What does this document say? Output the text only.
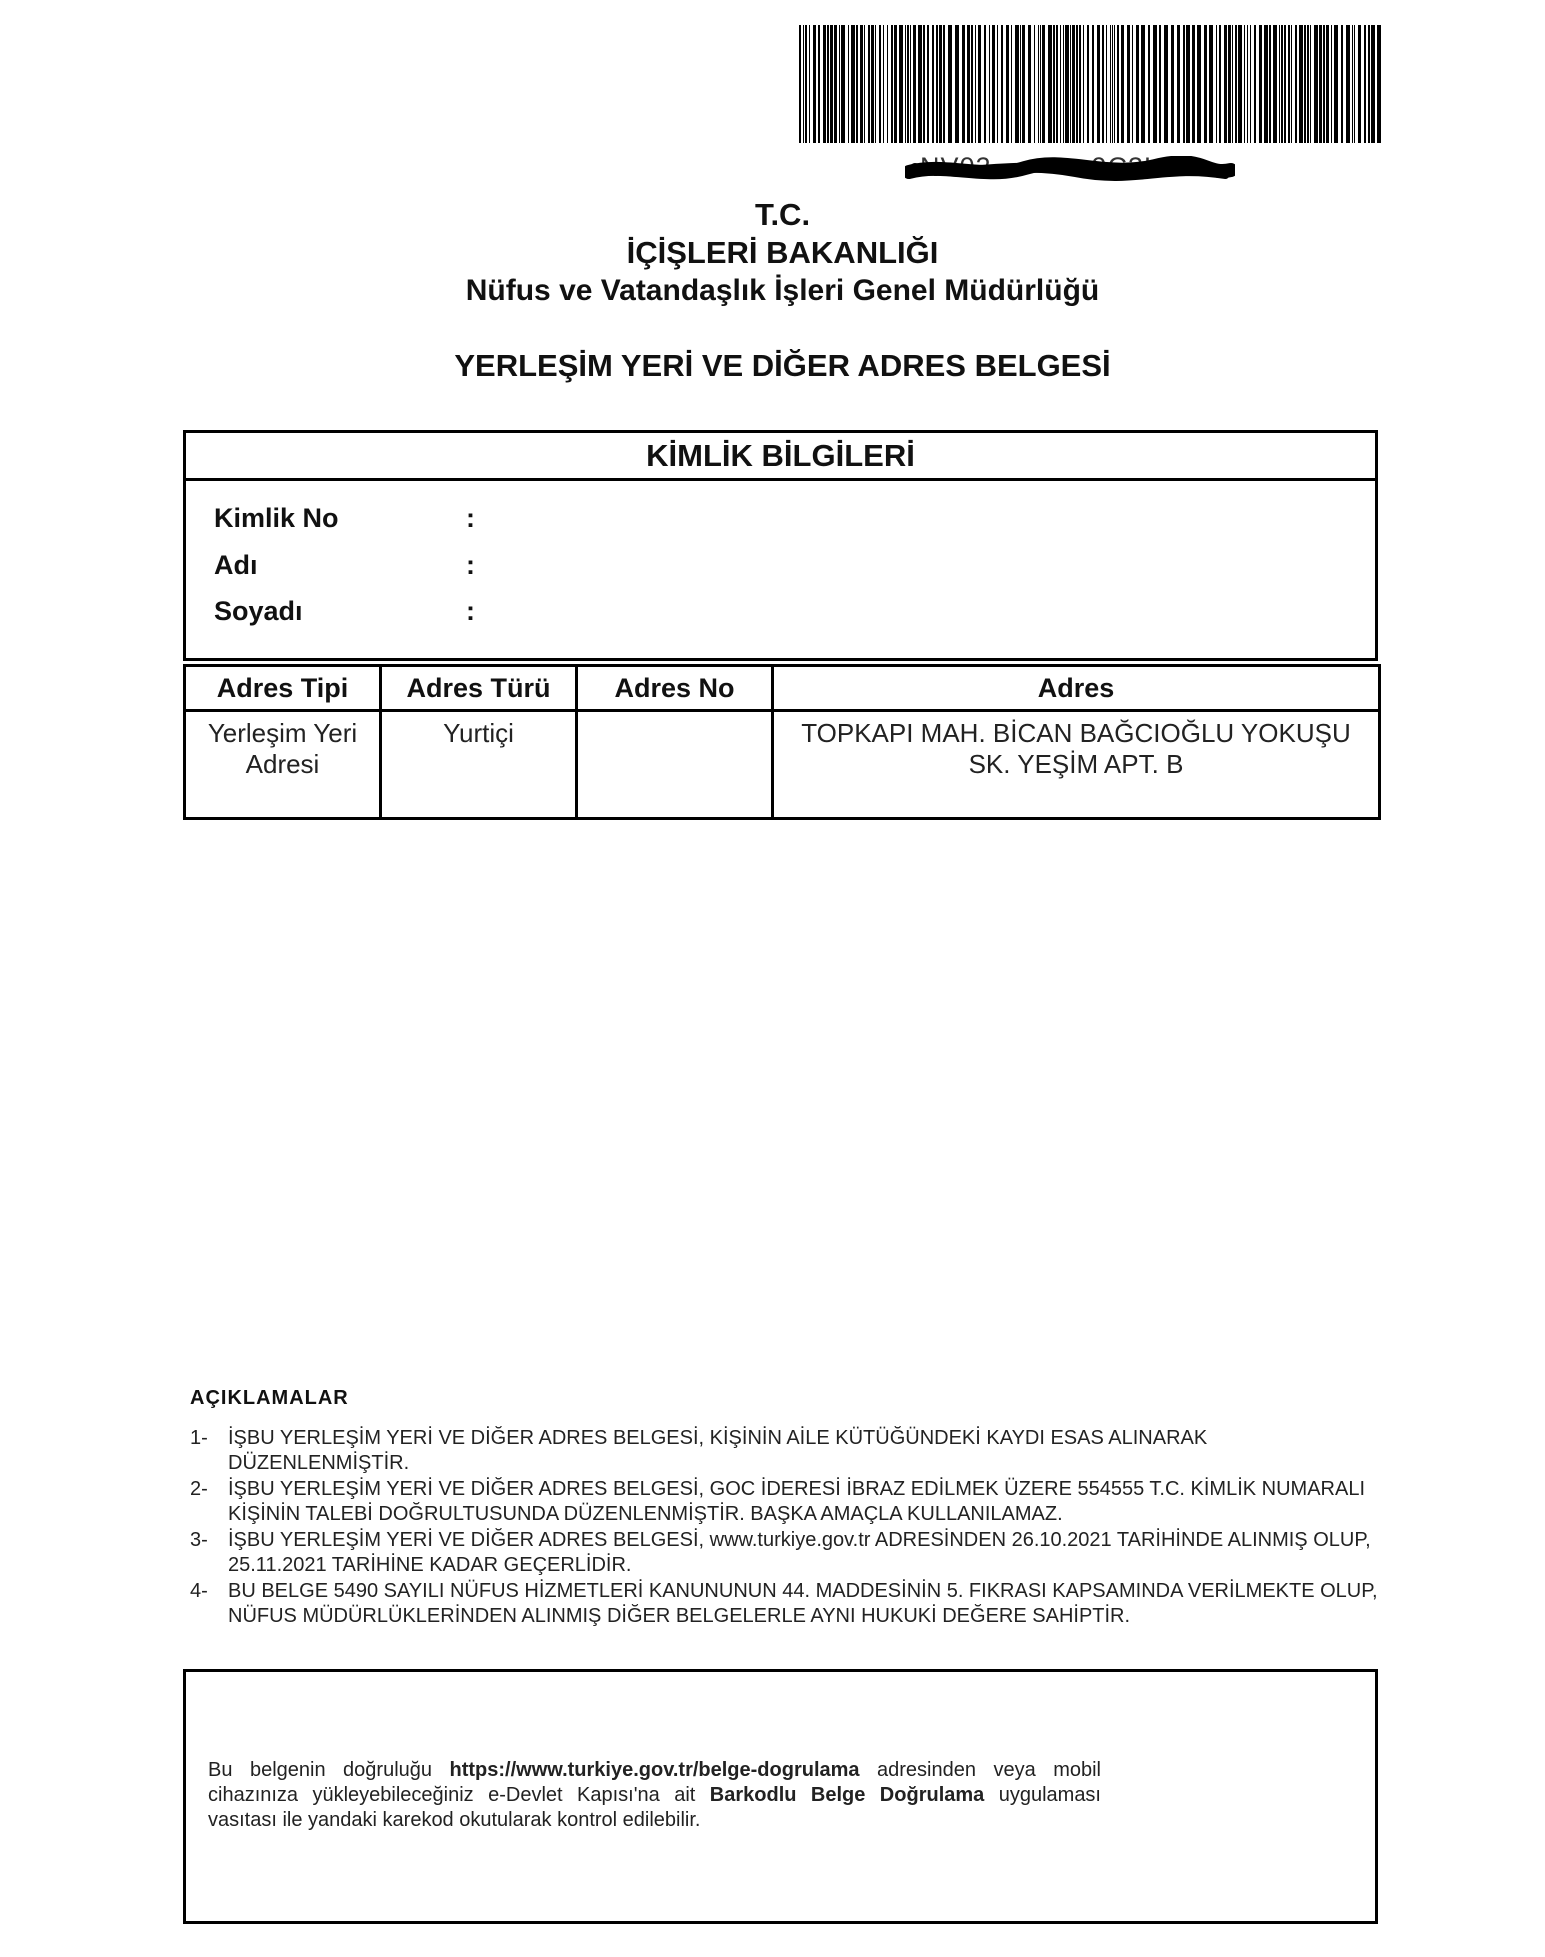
NV02··········9C3L7
T.C.
İÇİŞLERİ BAKANLIĞI
Nüfus ve Vatandaşlık İşleri Genel Müdürlüğü
YERLEŞİM YERİ VE DİĞER ADRES BELGESİ
KİMLİK BİLGİLERİ
Kimlik No	:
Adı	:
Soyadı	:
Adres Tipi	Adres Türü	Adres No	Adres

Yerleşim Yeri Adresi	Yurtiçi		TOPKAPI MAH. BİCAN BAĞCIOĞLU YOKUŞU SK. YEŞİM APT. B
AÇIKLAMALAR
1- İŞBU YERLEŞİM YERİ VE DİĞER ADRES BELGESİ, KİŞİNİN AİLE KÜTÜĞÜNDEKİ KAYDI ESAS ALINARAK DÜZENLENMİŞTİR.
2- İŞBU YERLEŞİM YERİ VE DİĞER ADRES BELGESİ, GOC İDERESİ İBRAZ EDİLMEK ÜZERE 554555 T.C. KİMLİK NUMARALI KİŞİNİN TALEBİ DOĞRULTUSUNDA DÜZENLENMİŞTİR. BAŞKA AMAÇLA KULLANILAMAZ.
3- İŞBU YERLEŞİM YERİ VE DİĞER ADRES BELGESİ, www.turkiye.gov.tr ADRESİNDEN 26.10.2021 TARİHİNDE ALINMIŞ OLUP, 25.11.2021 TARİHİNE KADAR GEÇERLİDİR.
4- BU BELGE 5490 SAYILI NÜFUS HİZMETLERİ KANUNUNUN 44. MADDESİNİN 5. FIKRASI KAPSAMINDA VERİLMEKTE OLUP, NÜFUS MÜDÜRLÜKLERİNDEN ALINMIŞ DİĞER BELGELERLE AYNI HUKUKİ DEĞERE SAHİPTİR.
Bu belgenin doğruluğu https://www.turkiye.gov.tr/belge-dogrulama adresinden veya mobil cihazınıza yükleyebileceğiniz e-Devlet Kapısı'na ait Barkodlu Belge Doğrulama uygulaması vasıtası ile yandaki karekod okutularak kontrol edilebilir.
